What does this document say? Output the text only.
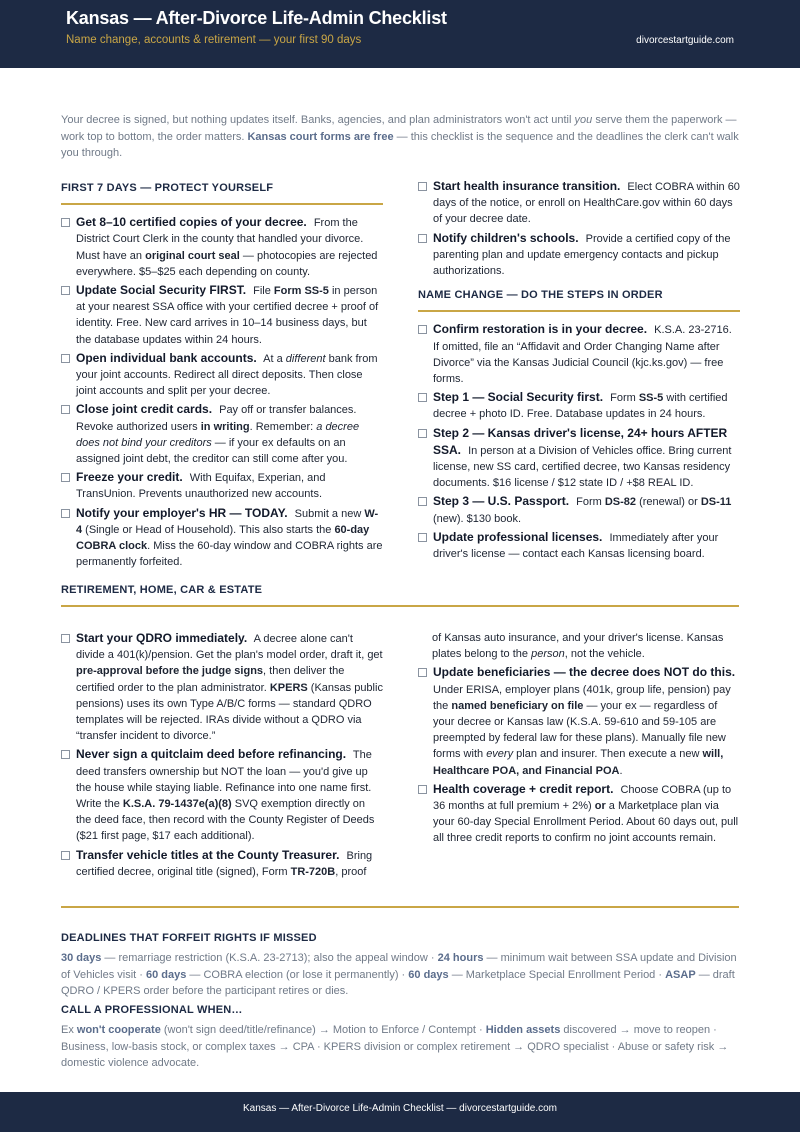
Kansas — After-Divorce Life-Admin Checklist
Name change, accounts & retirement — your first 90 days	divorcestartguide.com
Your decree is signed, but nothing updates itself. Banks, agencies, and plan administrators won't act until you serve them the paperwork — work top to bottom, the order matters. Kansas court forms are free — this checklist is the sequence and the deadlines the clerk can't walk you through.
FIRST 7 DAYS — PROTECT YOURSELF
Get 8–10 certified copies of your decree. From the District Court Clerk in the county that handled your divorce. Must have an original court seal — photocopies are rejected everywhere. $5–$25 each depending on county.
Update Social Security FIRST. File Form SS-5 in person at your nearest SSA office with your certified decree + proof of identity. Free. New card arrives in 10–14 business days, but the database updates within 24 hours.
Open individual bank accounts. At a different bank from your joint accounts. Redirect all direct deposits. Then close joint accounts and split per your decree.
Close joint credit cards. Pay off or transfer balances. Revoke authorized users in writing. Remember: a decree does not bind your creditors — if your ex defaults on an assigned joint debt, the creditor can still come after you.
Freeze your credit. With Equifax, Experian, and TransUnion. Prevents unauthorized new accounts.
Notify your employer's HR — TODAY. Submit a new W-4 (Single or Head of Household). This also starts the 60-day COBRA clock. Miss the 60-day window and COBRA rights are permanently forfeited.
Start health insurance transition. Elect COBRA within 60 days of the notice, or enroll on HealthCare.gov within 60 days of your decree date.
Notify children's schools. Provide a certified copy of the parenting plan and update emergency contacts and pickup authorizations.
NAME CHANGE — DO THE STEPS IN ORDER
Confirm restoration is in your decree. K.S.A. 23-2716. If omitted, file an “Affidavit and Order Changing Name after Divorce” via the Kansas Judicial Council (kjc.ks.gov) — free forms.
Step 1 — Social Security first. Form SS-5 with certified decree + photo ID. Free. Database updates in 24 hours.
Step 2 — Kansas driver's license, 24+ hours AFTER SSA. In person at a Division of Vehicles office. Bring current license, new SS card, certified decree, two Kansas residency documents. $16 license / $12 state ID / +$8 REAL ID.
Step 3 — U.S. Passport. Form DS-82 (renewal) or DS-11 (new). $130 book.
Update professional licenses. Immediately after your driver's license — contact each Kansas licensing board.
RETIREMENT, HOME, CAR & ESTATE
Start your QDRO immediately. A decree alone can't divide a 401(k)/pension. Get the plan's model order, draft it, get pre-approval before the judge signs, then deliver the certified order to the plan administrator. KPERS (Kansas public pensions) uses its own Type A/B/C forms — standard QDRO templates will be rejected. IRAs divide without a QDRO via “transfer incident to divorce.”
Never sign a quitclaim deed before refinancing. The deed transfers ownership but NOT the loan — you'd give up the house while staying liable. Refinance into one name first. Write the K.S.A. 79-1437e(a)(8) SVQ exemption directly on the deed face, then record with the County Register of Deeds ($21 first page, $17 each additional).
Transfer vehicle titles at the County Treasurer. Bring certified decree, original title (signed), Form TR-720B, proof
of Kansas auto insurance, and your driver's license. Kansas plates belong to the person, not the vehicle.
Update beneficiaries — the decree does NOT do this. Under ERISA, employer plans (401k, group life, pension) pay the named beneficiary on file — your ex — regardless of your decree or Kansas law (K.S.A. 59-610 and 59-105 are preempted by federal law for these plans). Manually file new forms with every plan and insurer. Then execute a new will, Healthcare POA, and Financial POA.
Health coverage + credit report. Choose COBRA (up to 36 months at full premium + 2%) or a Marketplace plan via your 60-day Special Enrollment Period. About 60 days out, pull all three credit reports to confirm no joint accounts remain.
DEADLINES THAT FORFEIT RIGHTS IF MISSED
30 days — remarriage restriction (K.S.A. 23-2713); also the appeal window · 24 hours — minimum wait between SSA update and Division of Vehicles visit · 60 days — COBRA election (or lose it permanently) · 60 days — Marketplace Special Enrollment Period · ASAP — draft QDRO / KPERS order before the participant retires or dies.
CALL A PROFESSIONAL WHEN…
Ex won't cooperate (won't sign deed/title/refinance) → Motion to Enforce / Contempt · Hidden assets discovered → move to reopen · Business, low-basis stock, or complex taxes → CPA · KPERS division or complex retirement → QDRO specialist · Abuse or safety risk → domestic violence advocate.
Kansas — After-Divorce Life-Admin Checklist — divorcestartguide.com
